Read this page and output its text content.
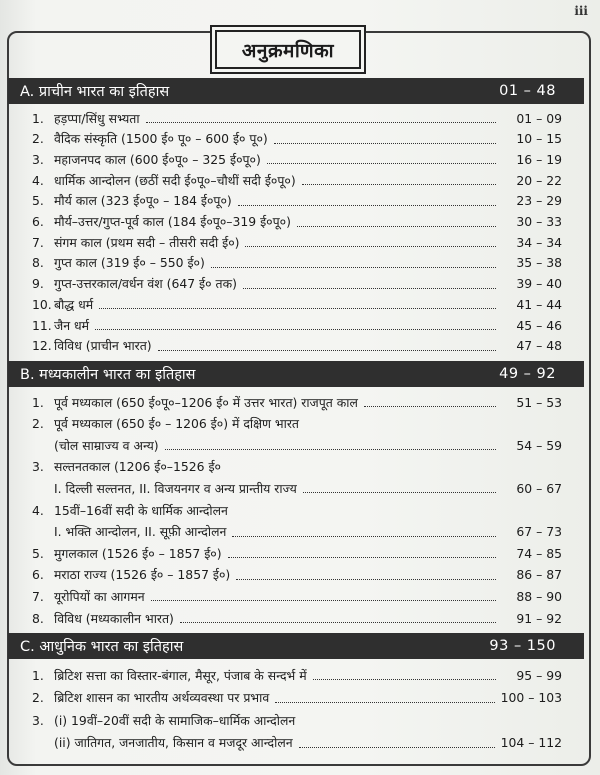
iii
अनुक्रमणिका
A. प्राचीन भारत का इतिहास	01 – 48
1. हड़प्पा/सिंधु सभ्यता	01 – 09
2. वैदिक संस्कृति (1500 ई० पू० – 600 ई० पू०)	10 – 15
3. महाजनपद काल (600 ई०पू० – 325 ई०पू०)	16 – 19
4. धार्मिक आन्दोलन (छठीं सदी ई०पू०–चौथीं सदी ई०पू०)	20 – 22
5. मौर्य काल (323 ई०पू० – 184 ई०पू०)	23 – 29
6. मौर्य–उत्तर/गुप्त-पूर्व काल (184 ई०पू०–319 ई०पू०)	30 – 33
7. संगम काल (प्रथम सदी – तीसरी सदी ई०)	34 – 34
8. गुप्त काल (319 ई० – 550 ई०)	35 – 38
9. गुप्त-उत्तरकाल/वर्धन वंश (647 ई० तक)	39 – 40
10. बौद्ध धर्म	41 – 44
11. जैन धर्म	45 – 46
12. विविध (प्राचीन भारत)	47 – 48
B. मध्यकालीन भारत का इतिहास	49 – 92
1. पूर्व मध्यकाल (650 ई०पू०–1206 ई० में उत्तर भारत) राजपूत काल	51 – 53
2. पूर्व मध्यकाल (650 ई० – 1206 ई०) में दक्षिण भारत
(चोल साम्राज्य व अन्य)	54 – 59
3. सल्तनतकाल (1206 ई०–1526 ई०
I. दिल्ली सल्तनत, II. विजयनगर व अन्य प्रान्तीय राज्य	60 – 67
4. 15वीं–16वीं सदी के धार्मिक आन्दोलन
I. भक्ति आन्दोलन, II. सूफ़ी आन्दोलन	67 – 73
5. मुगलकाल (1526 ई० – 1857 ई०)	74 – 85
6. मराठा राज्य (1526 ई० – 1857 ई०)	86 – 87
7. यूरोपियों का आगमन	88 – 90
8. विविध (मध्यकालीन भारत)	91 – 92
C. आधुनिक भारत का इतिहास	93 – 150
1. ब्रिटिश सत्ता का विस्तार-बंगाल, मैसूर, पंजाब के सन्दर्भ में	95 – 99
2. ब्रिटिश शासन का भारतीय अर्थव्यवस्था पर प्रभाव	100 – 103
3. (i) 19वीं–20वीं सदी के सामाजिक–धार्मिक आन्दोलन
(ii) जातिगत, जनजातीय, किसान व मजदूर आन्दोलन	104 – 112
